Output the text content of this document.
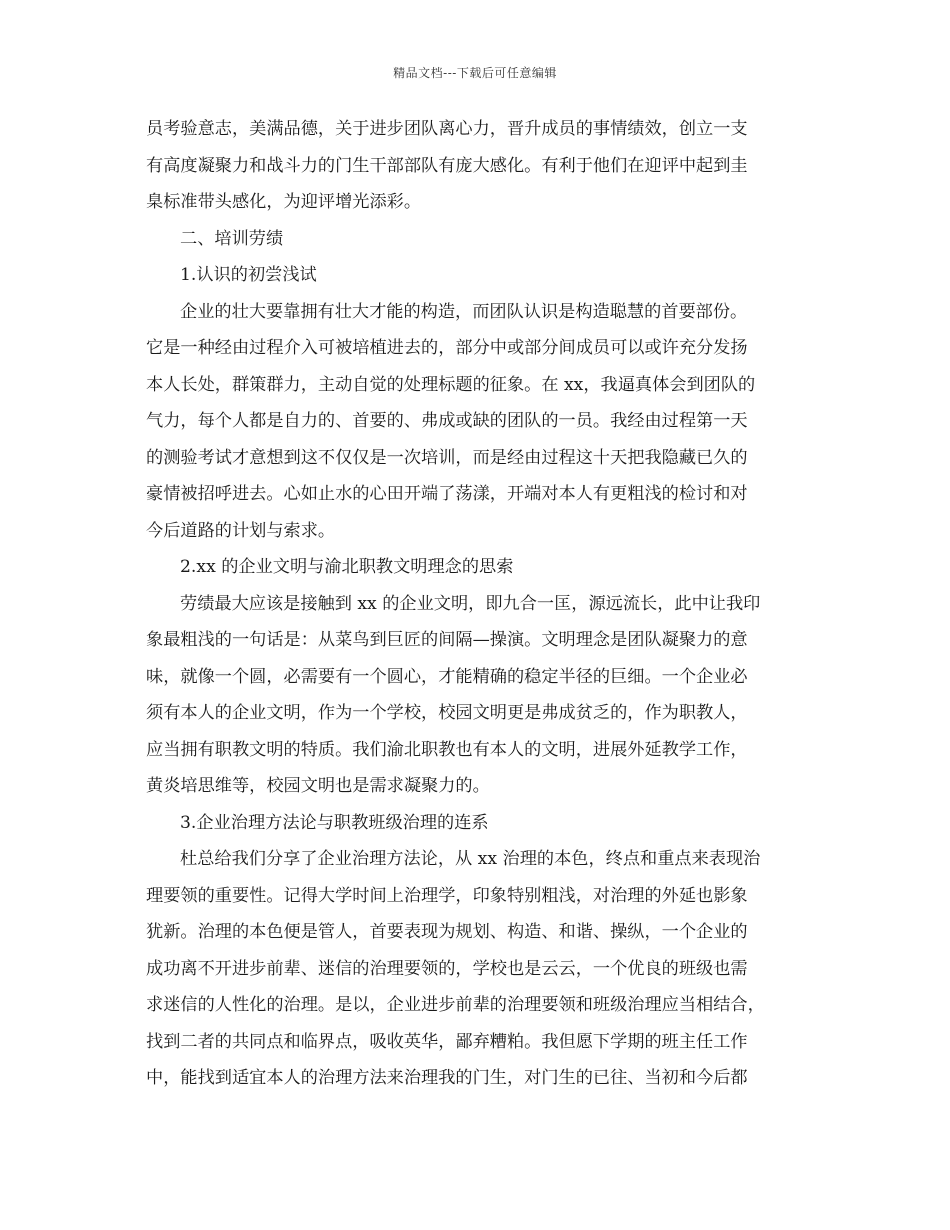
精品文档---下载后可任意编辑
员考验意志，美满品德，关于进步团队离心力，晋升成员的事情绩效，创立一支
有高度凝聚力和战斗力的门生干部部队有庞大感化。有利于他们在迎评中起到圭
臬标准带头感化，为迎评增光添彩。
二、培训劳绩
1.认识的初尝浅试
企业的壮大要靠拥有壮大才能的构造，而团队认识是构造聪慧的首要部份。
它是一种经由过程介入可被培植进去的，部分中或部分间成员可以或许充分发扬
本人长处，群策群力，主动自觉的处理标题的征象。在 xx，我逼真体会到团队的
气力，每个人都是自力的、首要的、弗成或缺的团队的一员。我经由过程第一天
的测验考试才意想到这不仅仅是一次培训，而是经由过程这十天把我隐藏已久的
豪情被招呼进去。心如止水的心田开端了荡漾，开端对本人有更粗浅的检讨和对
今后道路的计划与索求。
2.xx 的企业文明与渝北职教文明理念的思索
劳绩最大应该是接触到 xx 的企业文明，即九合一匡，源远流长，此中让我印
象最粗浅的一句话是：从菜鸟到巨匠的间隔—操演。文明理念是团队凝聚力的意
味，就像一个圆，必需要有一个圆心，才能精确的稳定半径的巨细。一个企业必
须有本人的企业文明，作为一个学校，校园文明更是弗成贫乏的，作为职教人，
应当拥有职教文明的特质。我们渝北职教也有本人的文明，进展外延教学工作，
黄炎培思维等，校园文明也是需求凝聚力的。
3.企业治理方法论与职教班级治理的连系
杜总给我们分享了企业治理方法论，从 xx 治理的本色，终点和重点来表现治
理要领的重要性。记得大学时间上治理学，印象特别粗浅，对治理的外延也影象
犹新。治理的本色便是管人，首要表现为规划、构造、和谐、操纵，一个企业的
成功离不开进步前辈、迷信的治理要领的，学校也是云云，一个优良的班级也需
求迷信的人性化的治理。是以，企业进步前辈的治理要领和班级治理应当相结合，
找到二者的共同点和临界点，吸收英华，鄙弃糟粕。我但愿下学期的班主任工作
中，能找到适宜本人的治理方法来治理我的门生，对门生的已往、当初和今后都
